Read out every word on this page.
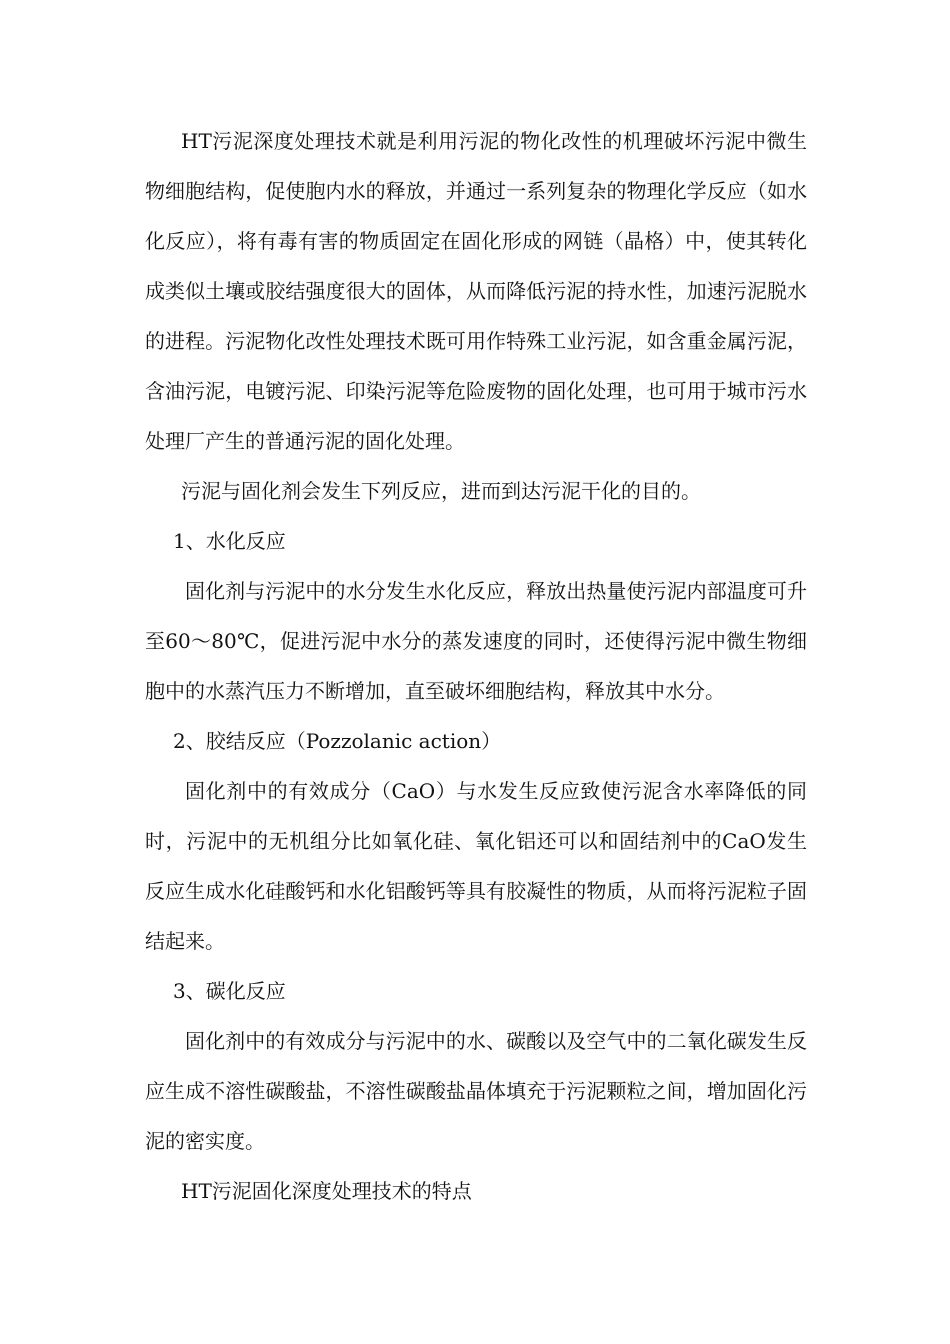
HT污泥深度处理技术就是利用污泥的物化改性的机理破坏污泥中微生物细胞结构，促使胞内水的释放，并通过一系列复杂的物理化学反应（如水化反应），将有毒有害的物质固定在固化形成的网链（晶格）中，使其转化成类似土壤或胶结强度很大的固体，从而降低污泥的持水性，加速污泥脱水的进程。污泥物化改性处理技术既可用作特殊工业污泥，如含重金属污泥，含油污泥，电镀污泥、印染污泥等危险废物的固化处理，也可用于城市污水处理厂产生的普通污泥的固化处理。

污泥与固化剂会发生下列反应，进而到达污泥干化的目的。

1、水化反应

固化剂与污泥中的水分发生水化反应，释放出热量使污泥内部温度可升至60～80℃，促进污泥中水分的蒸发速度的同时，还使得污泥中微生物细胞中的水蒸汽压力不断增加，直至破坏细胞结构，释放其中水分。

2、胶结反应（Pozzolanic action）

固化剂中的有效成分（CaO）与水发生反应致使污泥含水率降低的同时，污泥中的无机组分比如氧化硅、氧化铝还可以和固结剂中的CaO发生反应生成水化硅酸钙和水化铝酸钙等具有胶凝性的物质，从而将污泥粒子固结起来。

3、碳化反应

固化剂中的有效成分与污泥中的水、碳酸以及空气中的二氧化碳发生反应生成不溶性碳酸盐，不溶性碳酸盐晶体填充于污泥颗粒之间，增加固化污泥的密实度。

HT污泥固化深度处理技术的特点
